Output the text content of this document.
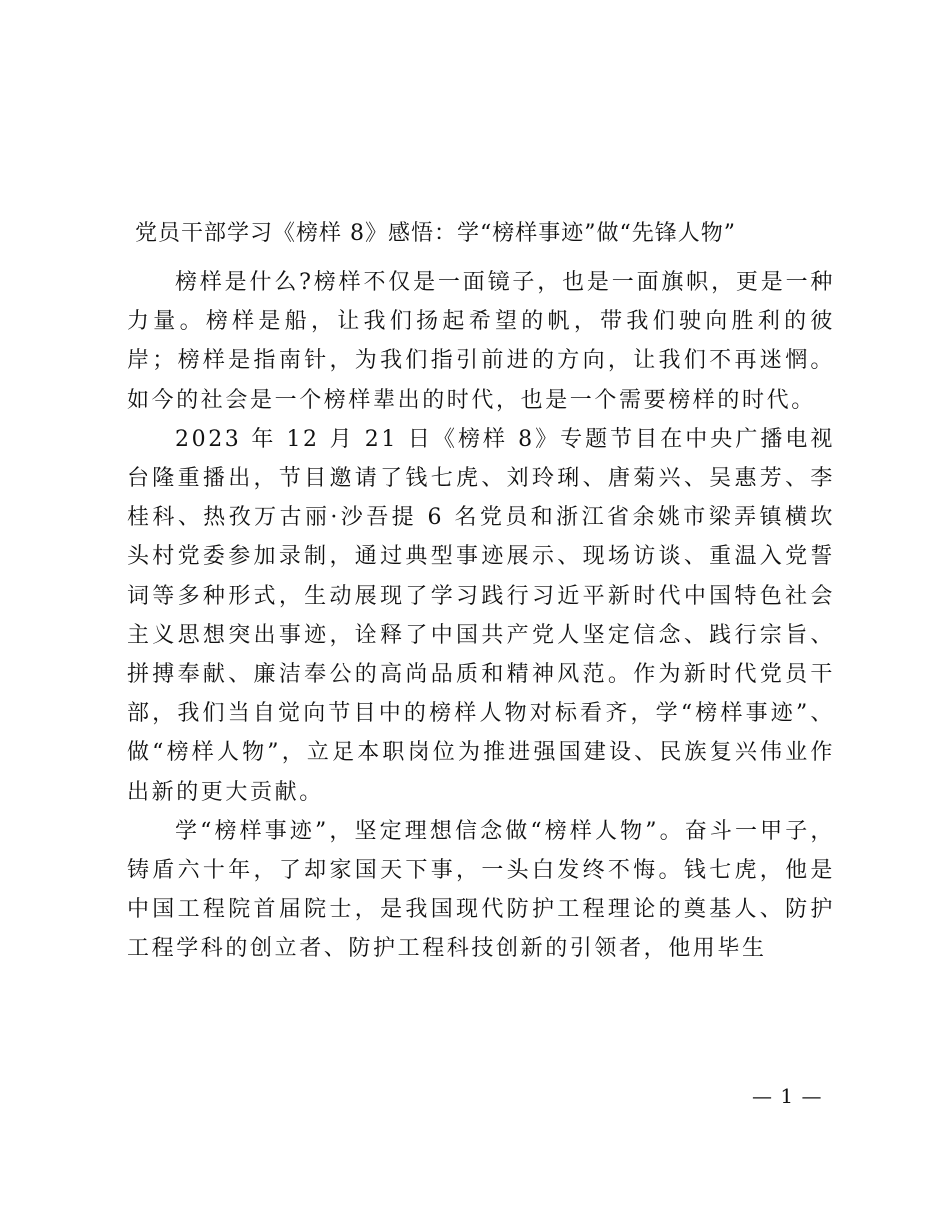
党员干部学习《榜样 8》感悟：学“榜样事迹”做“先锋人物”

榜样是什么?榜样不仅是一面镜子，也是一面旗帜，更是一种力量。榜样是船，让我们扬起希望的帆，带我们驶向胜利的彼岸；榜样是指南针，为我们指引前进的方向，让我们不再迷惘。如今的社会是一个榜样辈出的时代，也是一个需要榜样的时代。

2023 年 12 月 21 日《榜样 8》专题节目在中央广播电视台隆重播出，节目邀请了钱七虎、刘玲琍、唐菊兴、吴惠芳、李桂科、热孜万古丽·沙吾提 6 名党员和浙江省余姚市梁弄镇横坎头村党委参加录制，通过典型事迹展示、现场访谈、重温入党誓词等多种形式，生动展现了学习践行习近平新时代中国特色社会主义思想突出事迹，诠释了中国共产党人坚定信念、践行宗旨、拼搏奉献、廉洁奉公的高尚品质和精神风范。作为新时代党员干部，我们当自觉向节目中的榜样人物对标看齐，学“榜样事迹”、做“榜样人物”，立足本职岗位为推进强国建设、民族复兴伟业作出新的更大贡献。

学“榜样事迹”，坚定理想信念做“榜样人物”。奋斗一甲子，铸盾六十年，了却家国天下事，一头白发终不悔。钱七虎，他是中国工程院首届院士，是我国现代防护工程理论的奠基人、防护工程学科的创立者、防护工程科技创新的引领者，他用毕生

— 1 —
